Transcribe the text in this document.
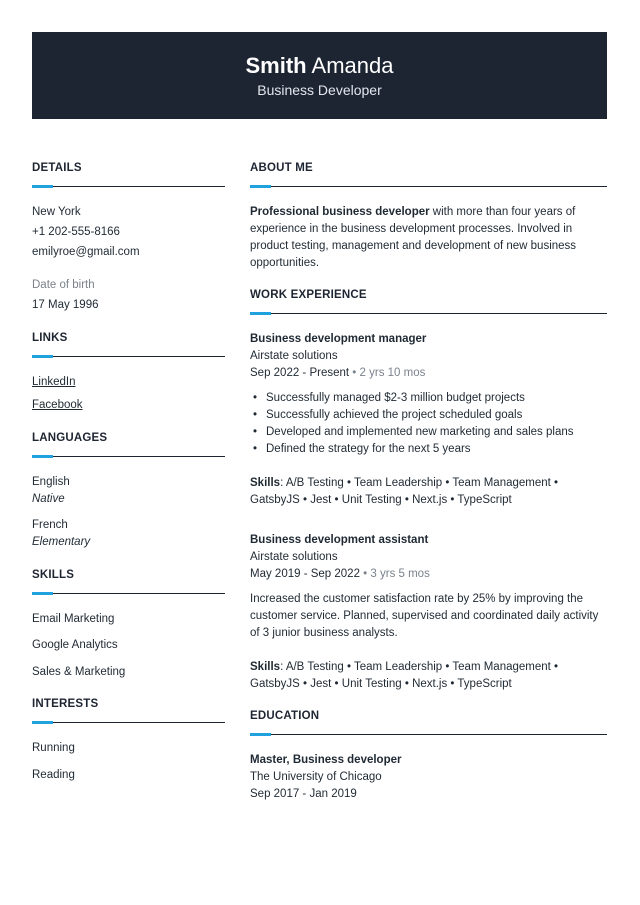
Smith Amanda
Business Developer
DETAILS
New York
+1 202-555-8166
emilyroe@gmail.com
Date of birth
17 May 1996
LINKS
LinkedIn
Facebook
LANGUAGES
English
Native
French
Elementary
SKILLS
Email Marketing
Google Analytics
Sales & Marketing
INTERESTS
Running
Reading
ABOUT ME
Professional business developer with more than four years of experience in the business development processes. Involved in product testing, management and development of new business opportunities.
WORK EXPERIENCE
Business development manager
Airstate solutions
Sep 2022 - Present • 2 yrs 10 mos
• Successfully managed $2-3 million budget projects
• Successfully achieved the project scheduled goals
• Developed and implemented new marketing and sales plans
• Defined the strategy for the next 5 years
Skills: A/B Testing • Team Leadership • Team Management • GatsbyJS • Jest • Unit Testing • Next.js • TypeScript
Business development assistant
Airstate solutions
May 2019 - Sep 2022 • 3 yrs 5 mos
Increased the customer satisfaction rate by 25% by improving the customer service. Planned, supervised and coordinated daily activity of 3 junior business analysts.
Skills: A/B Testing • Team Leadership • Team Management • GatsbyJS • Jest • Unit Testing • Next.js • TypeScript
EDUCATION
Master, Business developer
The University of Chicago
Sep 2017 - Jan 2019
